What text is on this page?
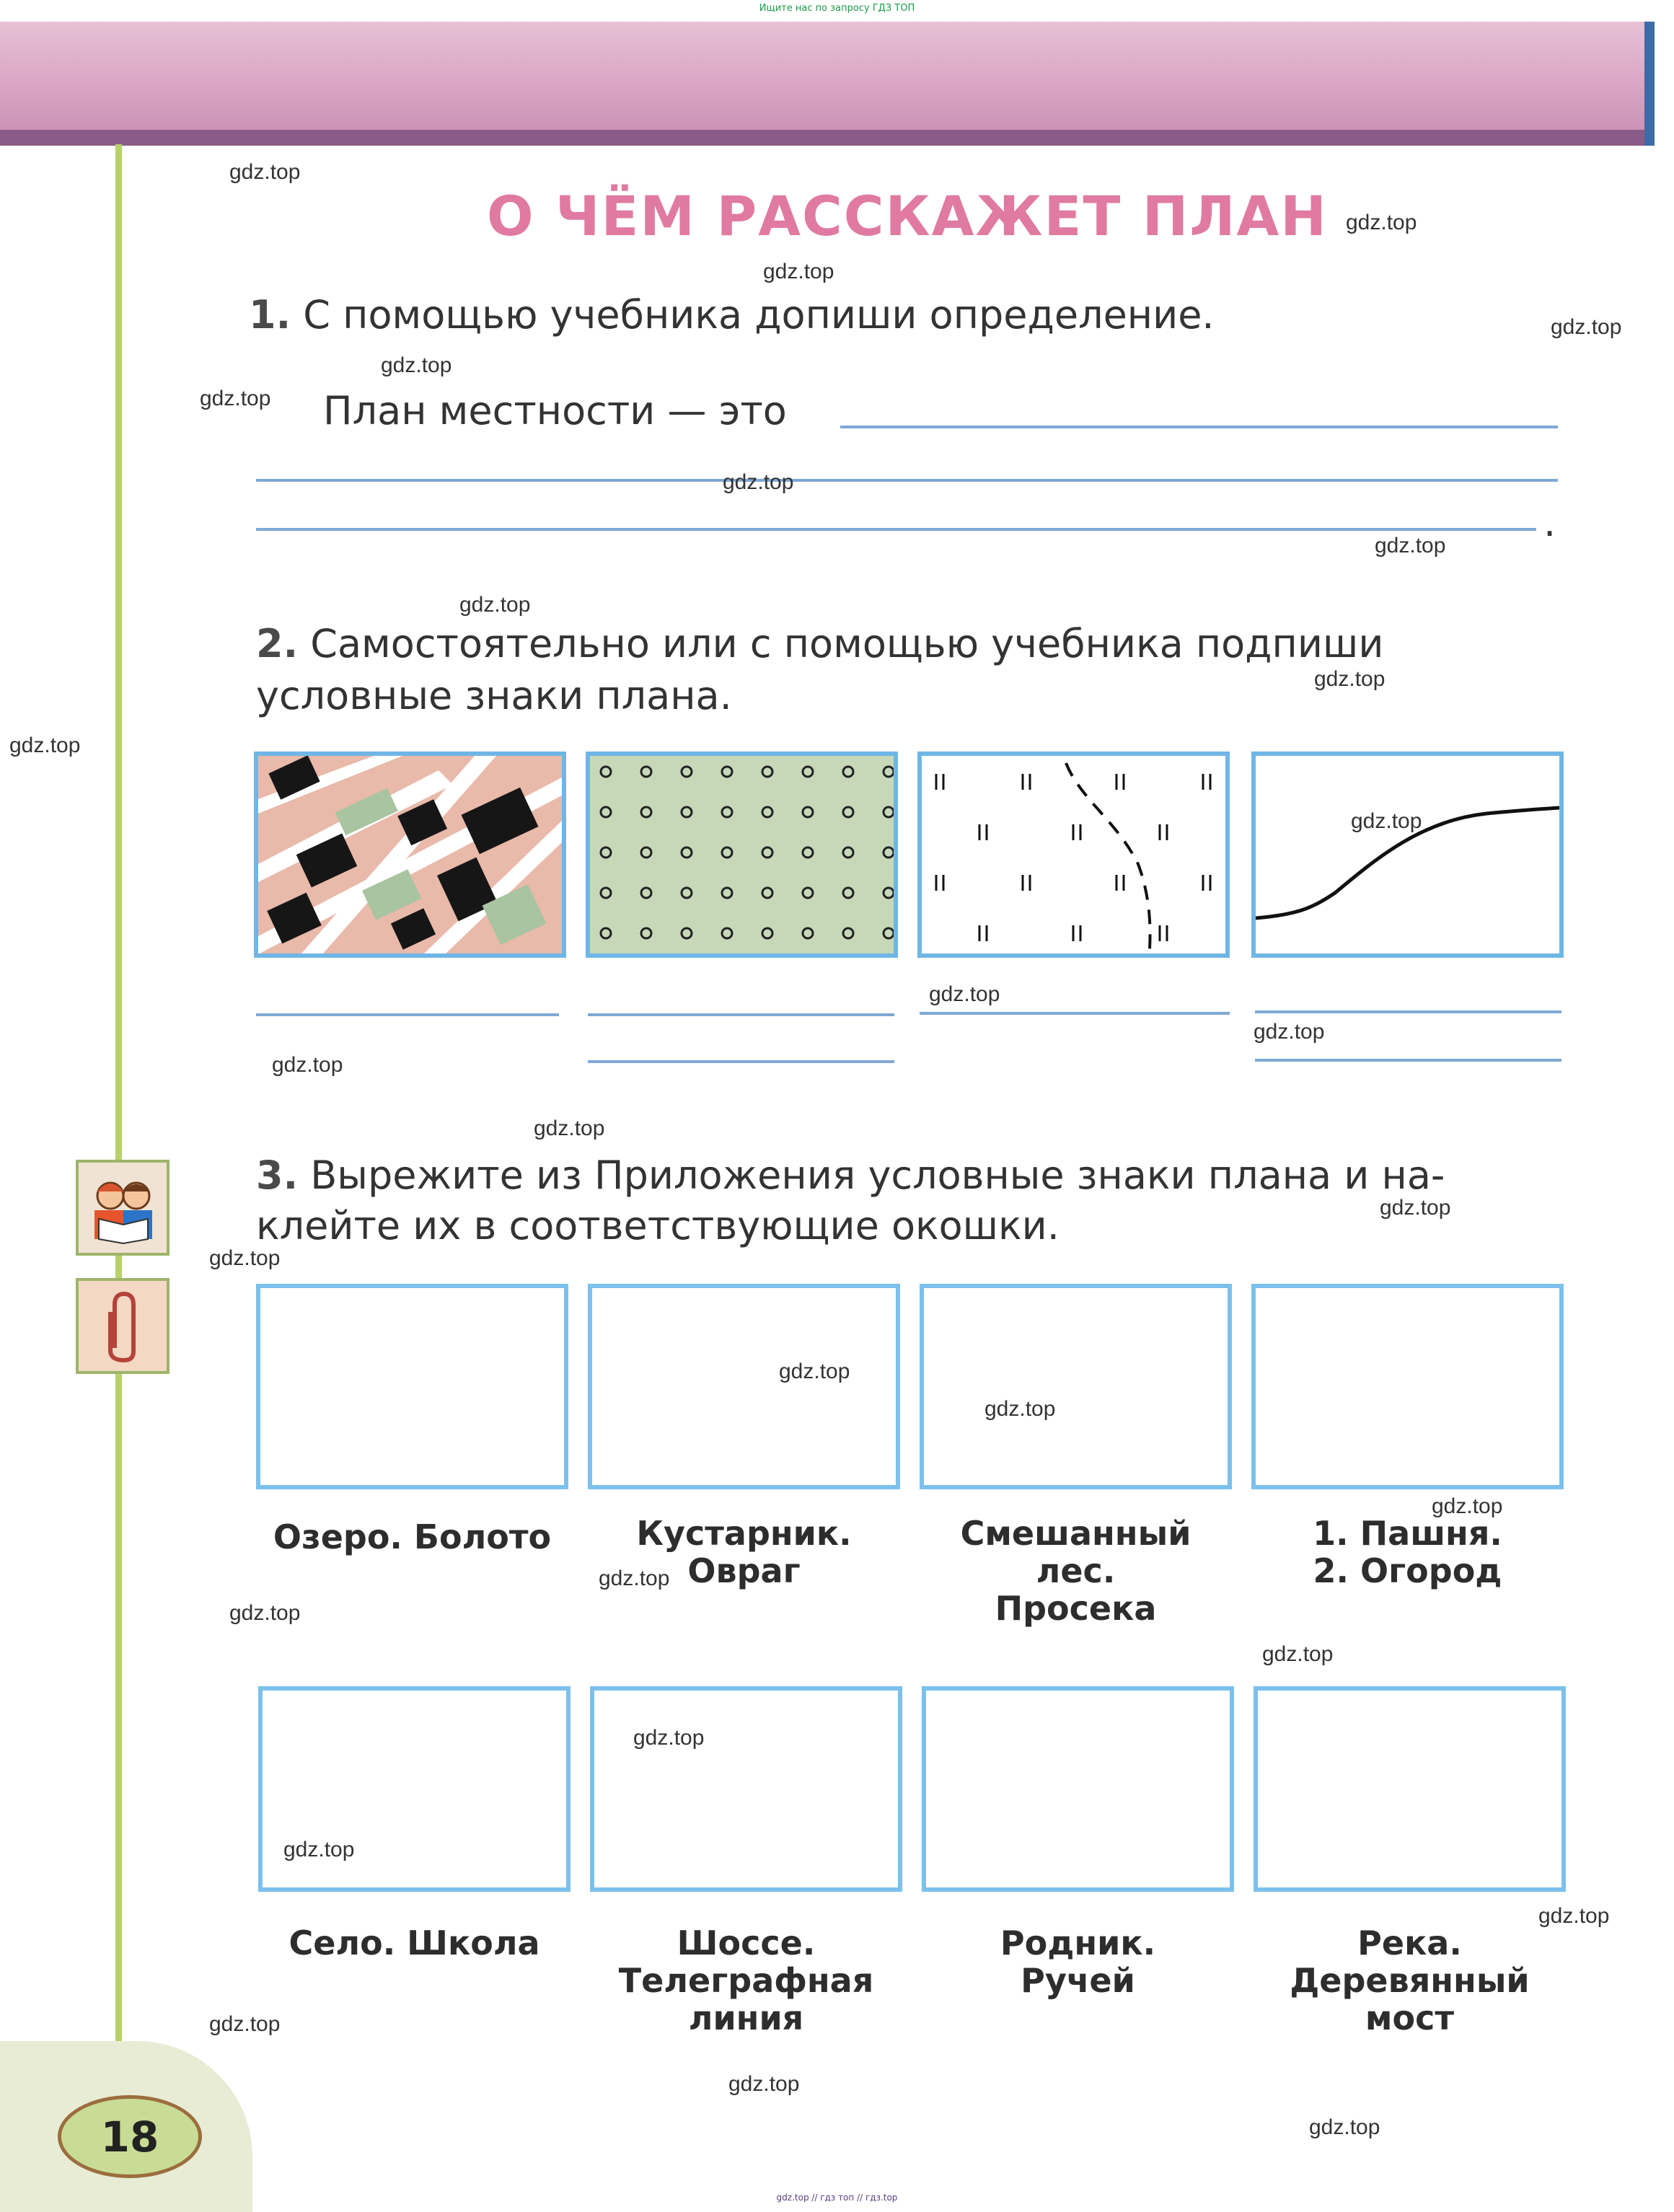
Ищите нас по запросу ГДЗ ТОП
О ЧЁМ РАССКАЖЕТ ПЛАН
1. С помощью учебника допиши определение.
План местности — это
.
2. Самостоятельно или с помощью учебника подпиши
условные знаки плана.
3. Вырежите из Приложения условные знаки плана и на-
клейте их в соответствующие окошки.
Озеро. Болото	Кустарник.
Овраг
Смешанный
лес.
Просека
1. Пашня.
2. Огород
Село. Школа	Шоссе.
Телеграфная
линия
Родник.
Ручей
Река.
Деревянный
мост
18
gdz.top // гдз топ // гдз.top
gdz.top
gdz.top
gdz.top
gdz.top
gdz.top
gdz.top
gdz.top
gdz.top
gdz.top
gdz.top
gdz.top
gdz.top
gdz.top
gdz.top
gdz.top
gdz.top
gdz.top
gdz.top
gdz.top
gdz.top
gdz.top
gdz.top
gdz.top
gdz.top
gdz.top
gdz.top
gdz.top
gdz.top
gdz.top
gdz.top
